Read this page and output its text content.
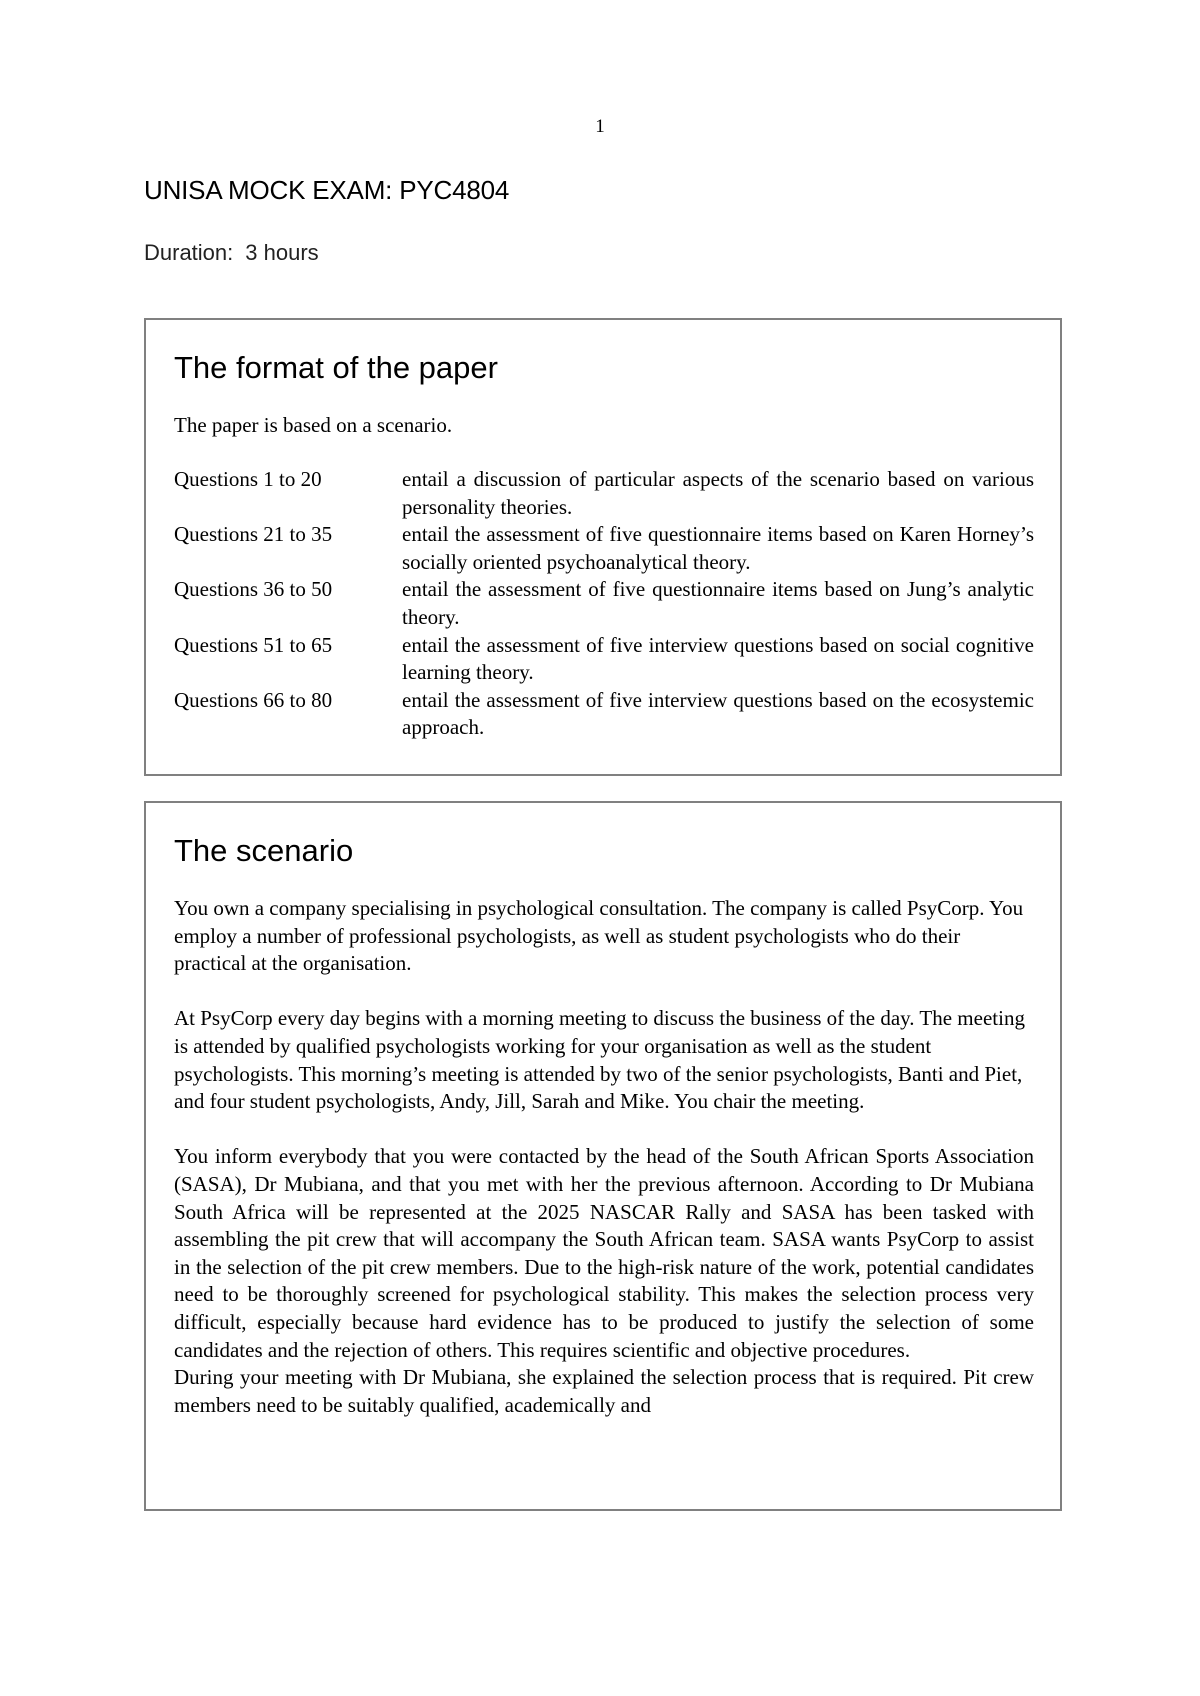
1
UNISA MOCK EXAM: PYC4804
Duration: 3 hours
The format of the paper
The paper is based on a scenario.
Questions 1 to 20	entail a discussion of particular aspects of the scenario based on various personality theories.
Questions 21 to 35	entail the assessment of five questionnaire items based on Karen Horney’s socially oriented psychoanalytical theory.
Questions 36 to 50	entail the assessment of five questionnaire items based on Jung’s analytic theory.
Questions 51 to 65	entail the assessment of five interview questions based on social cognitive learning theory.
Questions 66 to 80	entail the assessment of five interview questions based on the ecosystemic approach.
The scenario

You own a company specialising in psychological consultation. The company is called PsyCorp. You employ a number of professional psychologists, as well as student psychologists who do their practical at the organisation.

At PsyCorp every day begins with a morning meeting to discuss the business of the day. The meeting is attended by qualified psychologists working for your organisation as well as the student psychologists. This morning’s meeting is attended by two of the senior psychologists, Banti and Piet, and four student psychologists, Andy, Jill, Sarah and Mike. You chair the meeting.

You inform everybody that you were contacted by the head of the South African Sports Association (SASA), Dr Mubiana, and that you met with her the previous afternoon. According to Dr Mubiana South Africa will be represented at the 2025 NASCAR Rally and SASA has been tasked with assembling the pit crew that will accompany the South African team. SASA wants PsyCorp to assist in the selection of the pit crew members. Due to the high-risk nature of the work, potential candidates need to be thoroughly screened for psychological stability. This makes the selection process very difficult, especially because hard evidence has to be produced to justify the selection of some candidates and the rejection of others. This requires scientific and objective procedures.

During your meeting with Dr Mubiana, she explained the selection process that is required. Pit crew members need to be suitably qualified, academically and
